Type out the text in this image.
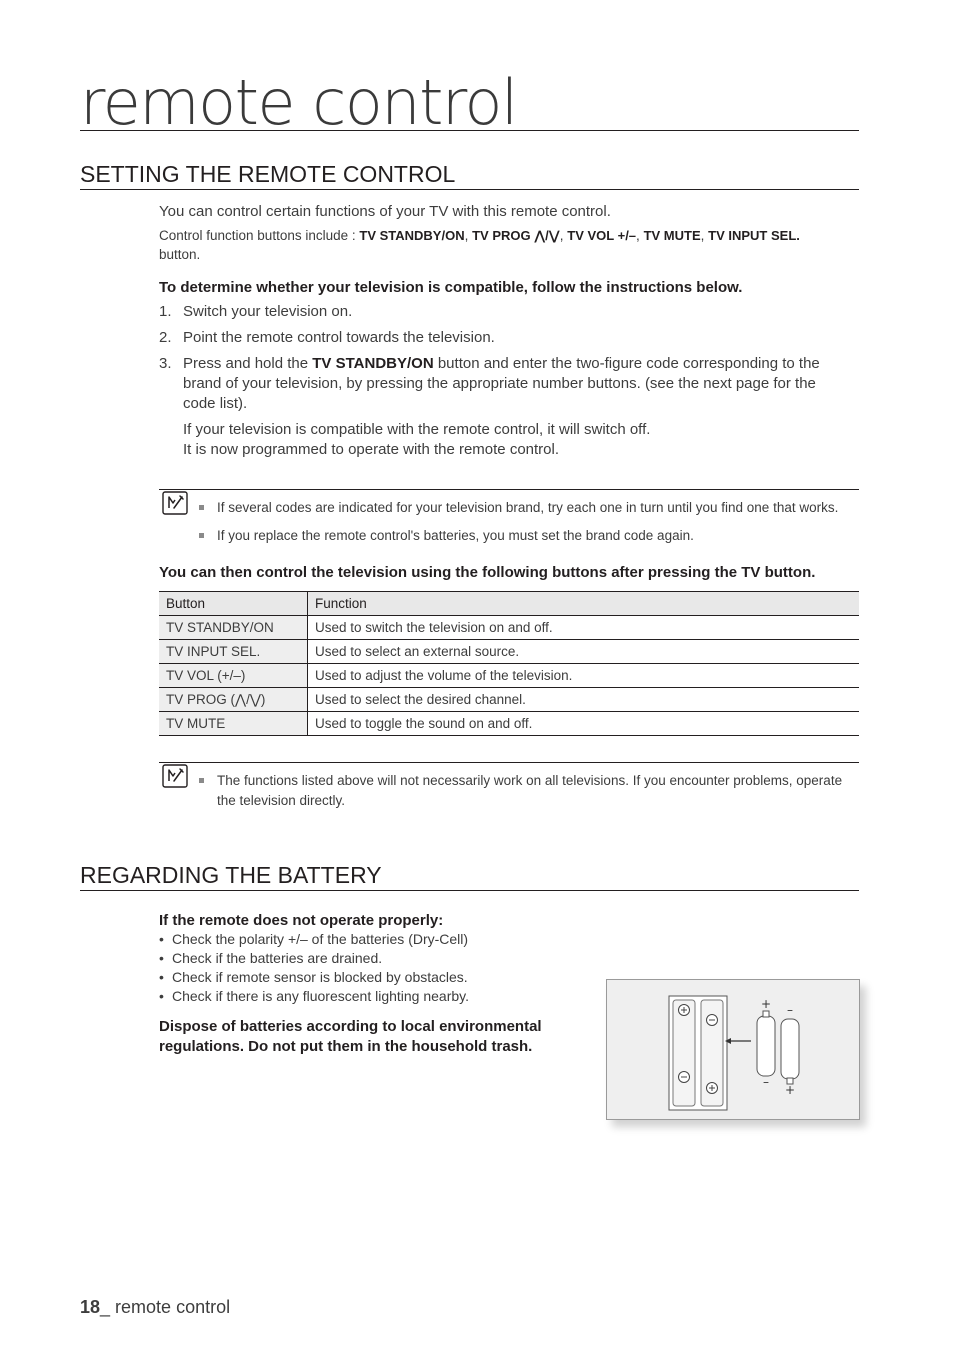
remote control
SETTING THE REMOTE CONTROL
You can control certain functions of your TV with this remote control.
Control function buttons include : TV STANDBY/ON, TV PROG ⋀/⋁, TV VOL +/–, TV MUTE, TV INPUT SEL.
button.
To determine whether your television is compatible, follow the instructions below.
1. Switch your television on.
2. Point the remote control towards the television.
3. Press and hold the TV STANDBY/ON button and enter the two-figure code corresponding to the brand of your television, by pressing the appropriate number buttons. (see the next page for the code list).
If your television is compatible with the remote control, it will switch off.
It is now programmed to operate with the remote control.
If several codes are indicated for your television brand, try each one in turn until you find one that works.
If you replace the remote control's batteries, you must set the brand code again.
You can then control the television using the following buttons after pressing the TV button.
Button	Function
TV STANDBY/ON	Used to switch the television on and off.
TV INPUT SEL.	Used to select an external source.
TV VOL (+/–)	Used to adjust the volume of the television.
TV PROG (⋀/⋁)	Used to select the desired channel.
TV MUTE	Used to toggle the sound on and off.
The functions listed above will not necessarily work on all televisions. If you encounter problems, operate the television directly.
REGARDING THE BATTERY
If the remote does not operate properly:
• Check the polarity +/– of the batteries (Dry-Cell)
• Check if the batteries are drained.
• Check if remote sensor is blocked by obstacles.
• Check if there is any fluorescent lighting nearby.
Dispose of batteries according to local environmental
regulations. Do not put them in the household trash.
+ –
–
+
18_ remote control
